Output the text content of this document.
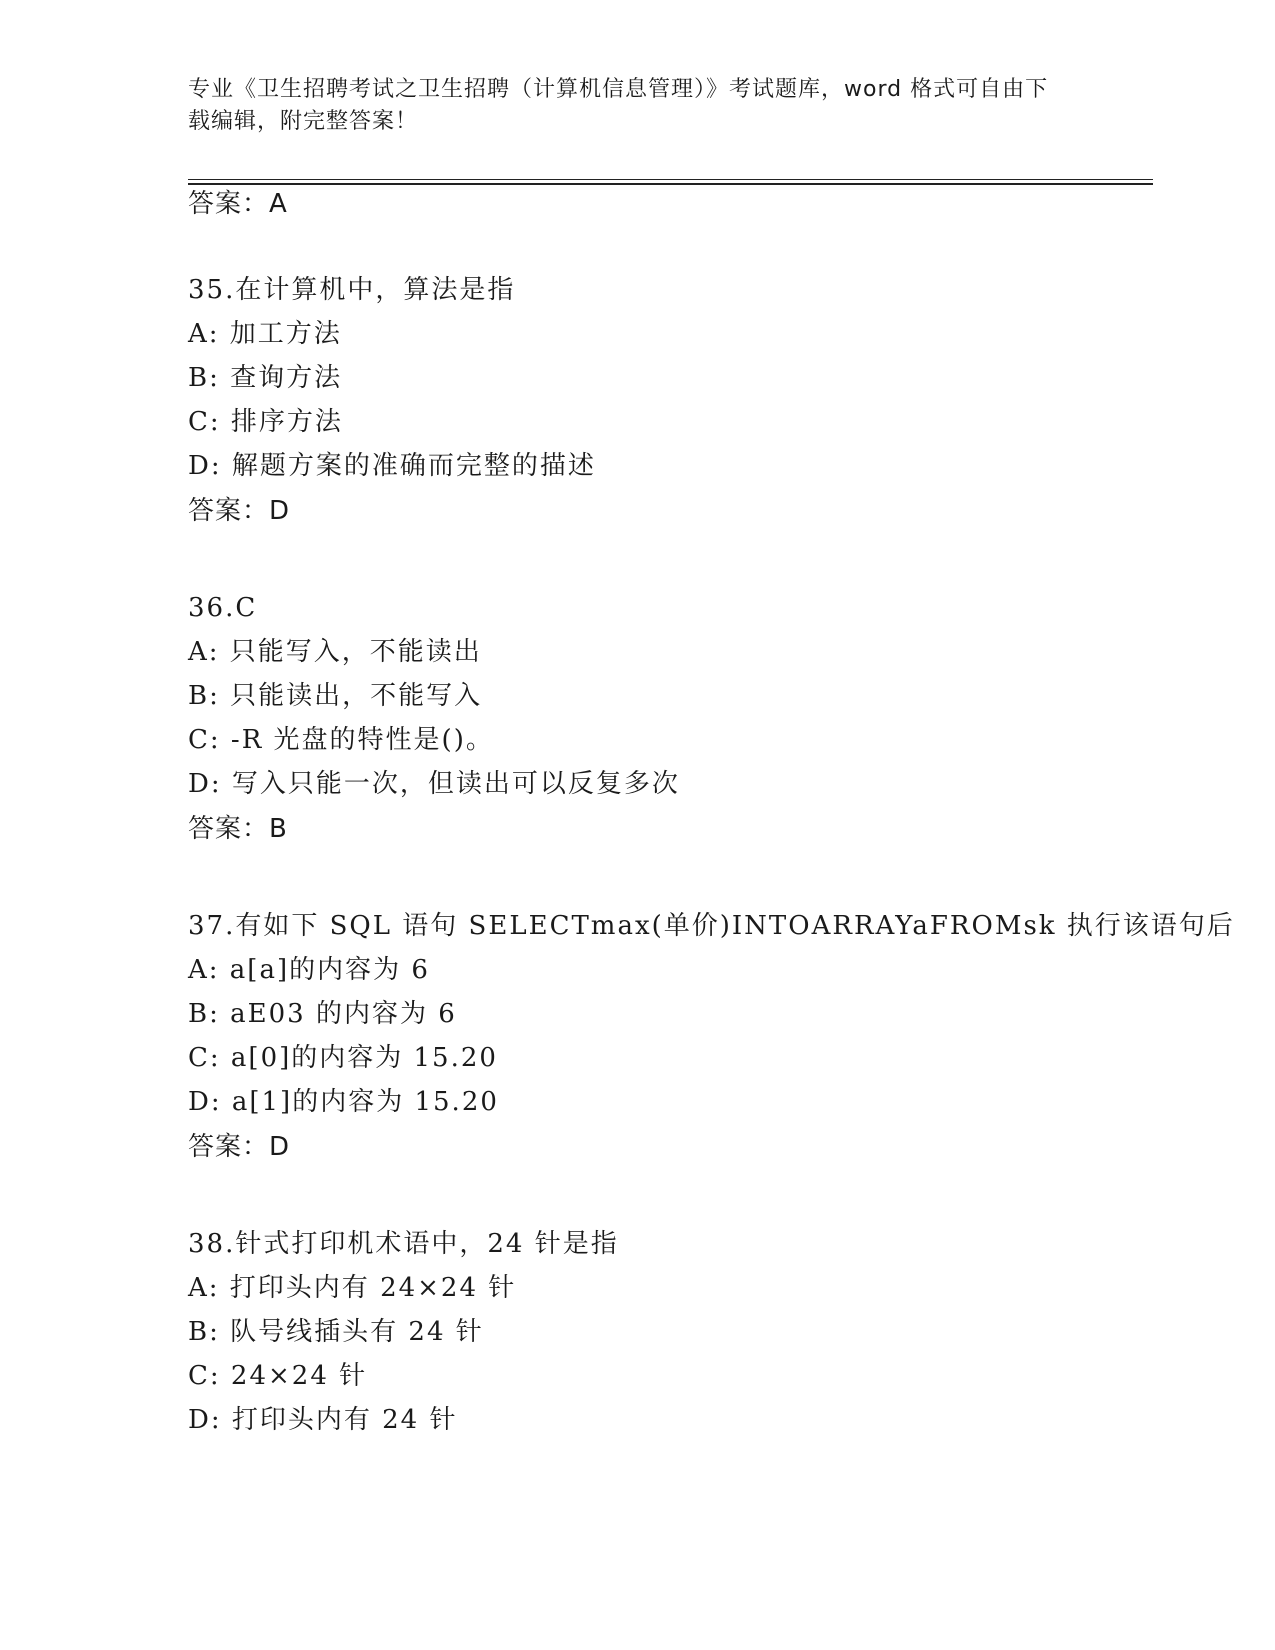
专业《卫生招聘考试之卫生招聘（计算机信息管理）》考试题库，word 格式可自由下载编辑，附完整答案！
答案：A
35.在计算机中，算法是指
A: 加工方法
B: 查询方法
C: 排序方法
D: 解题方案的准确而完整的描述
答案：D
36.C
A: 只能写入，不能读出
B: 只能读出，不能写入
C: -R 光盘的特性是()。
D: 写入只能一次，但读出可以反复多次
答案：B
37.有如下 SQL 语句 SELECTmax(单价)INTOARRAYaFROMsk 执行该语句后
A: a[a]的内容为 6
B: aE03 的内容为 6
C: a[0]的内容为 15.20
D: a[1]的内容为 15.20
答案：D
38.针式打印机术语中，24 针是指
A: 打印头内有 24×24 针
B: 队号线插头有 24 针
C: 24×24 针
D: 打印头内有 24 针
